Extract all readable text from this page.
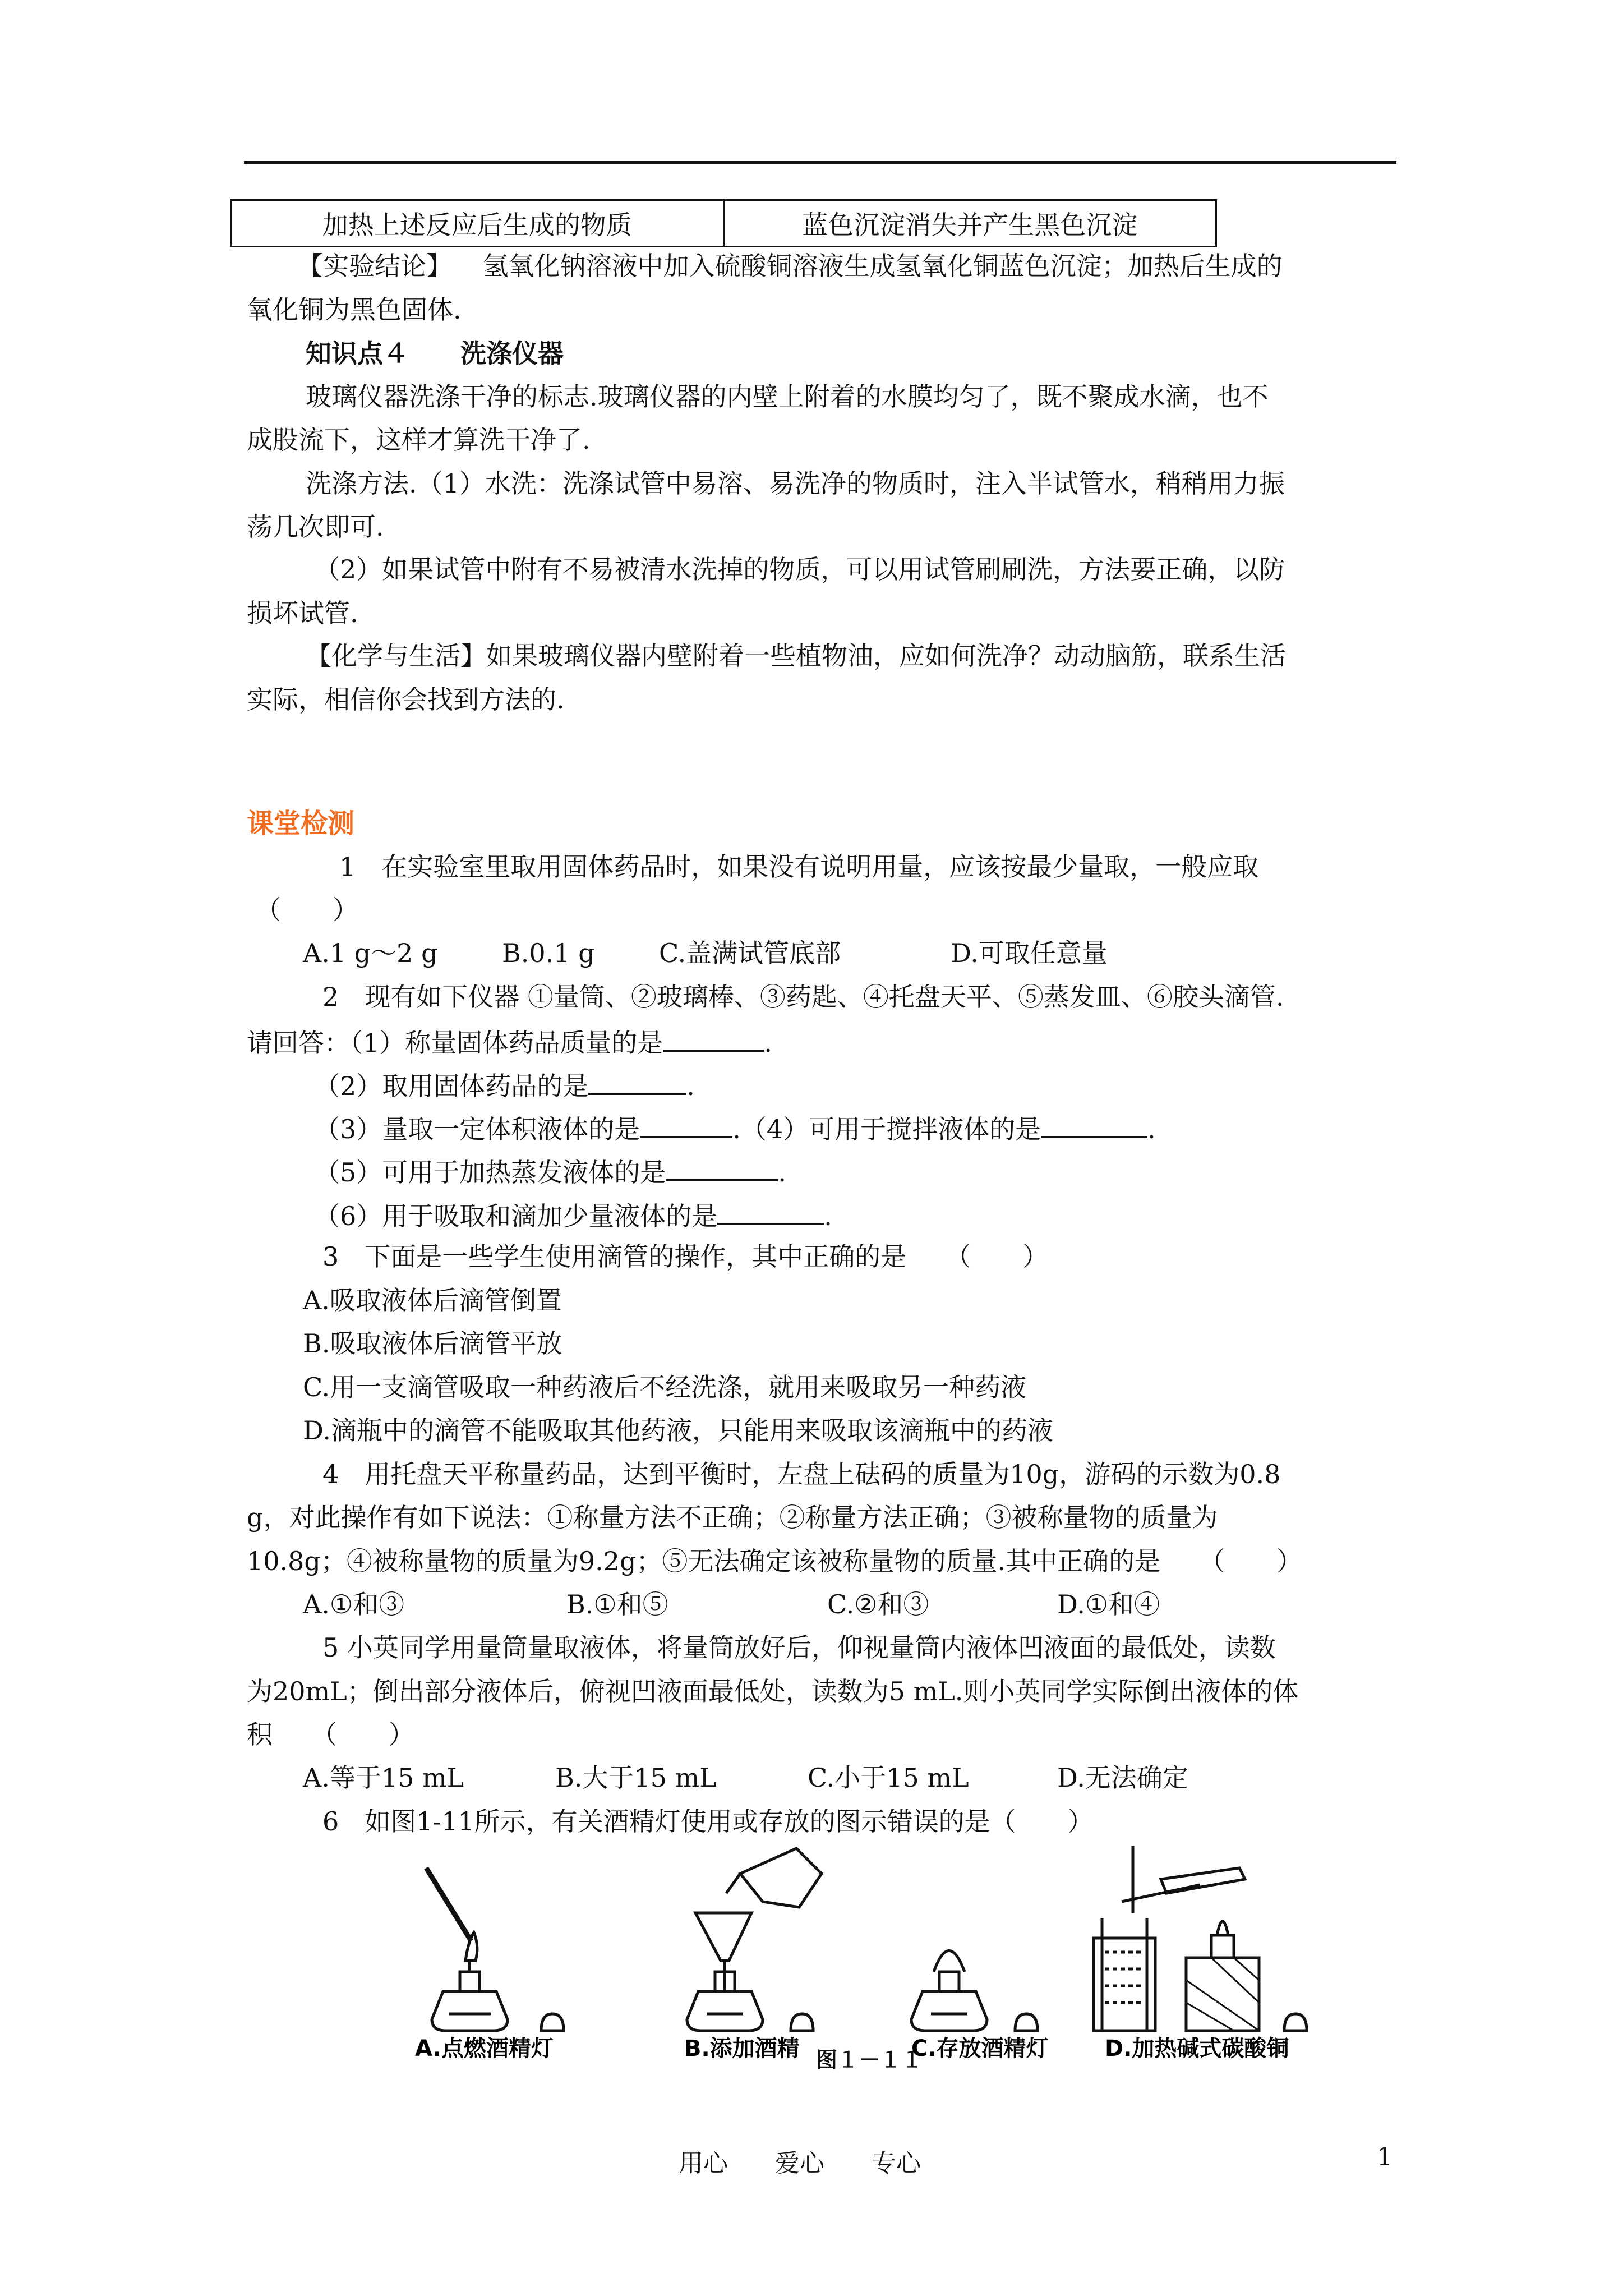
加热上述反应后生成的物质	蓝色沉淀消失并产生黑色沉淀
【实验结论】 氢氧化钠溶液中加入硫酸铜溶液生成氢氧化铜蓝色沉淀；加热后生成的
氧化铜为黑色固体.
知识点４　　洗涤仪器
玻璃仪器洗涤干净的标志.玻璃仪器的内壁上附着的水膜均匀了，既不聚成水滴，也不
成股流下，这样才算洗干净了.
洗涤方法.（1）水洗：洗涤试管中易溶、易洗净的物质时，注入半试管水，稍稍用力振
荡几次即可.
（2）如果试管中附有不易被清水洗掉的物质，可以用试管刷刷洗，方法要正确，以防
损坏试管.
【化学与生活】如果玻璃仪器内壁附着一些植物油，应如何洗净？动动脑筋，联系生活
实际，相信你会找到方法的.
课堂检测
1　在实验室里取用固体药品时，如果没有说明用量，应该按最少量取，一般应取
（　　）
A.1 g～2 g B.0.1 g C.盖满试管底部	D.可取任意量
2　现有如下仪器 ①量筒、②玻璃棒、③药匙、④托盘天平、⑤蒸发皿、⑥胶头滴管.
请回答：（1）称量固体药品质量的是	.
（2）取用固体药品的是	.
（3）量取一定体积液体的是	.（4）可用于搅拌液体的是	.
（5）可用于加热蒸发液体的是	.
（6）用于吸取和滴加少量液体的是	.
3　下面是一些学生使用滴管的操作，其中正确的是　　（　　）
A.吸取液体后滴管倒置
B.吸取液体后滴管平放
C.用一支滴管吸取一种药液后不经洗涤，就用来吸取另一种药液
D.滴瓶中的滴管不能吸取其他药液，只能用来吸取该滴瓶中的药液
4　用托盘天平称量药品，达到平衡时，左盘上砝码的质量为10g，游码的示数为0.8
g，对此操作有如下说法：①称量方法不正确；②称量方法正确；③被称量物的质量为
10.8g；④被称量物的质量为9.2g；⑤无法确定该被称量物的质量.其中正确的是　　（　　）
A.①和③	B.①和⑤	C.②和③	D.①和④
5 小英同学用量筒量取液体，将量筒放好后，仰视量筒内液体凹液面的最低处，读数
为20mL；倒出部分液体后，俯视凹液面最低处，读数为5 mL.则小英同学实际倒出液体的体
积　　（　　）
A.等于15 mL	B.大于15 mL	C.小于15 mL	D.无法确定
6　如图1-11所示，有关酒精灯使用或存放的图示错误的是（　　）
A.点燃酒精灯	B.添加酒精	C.存放酒精灯	D.加热碱式碳酸铜
图１－１１
用心 爱心 专心	1
